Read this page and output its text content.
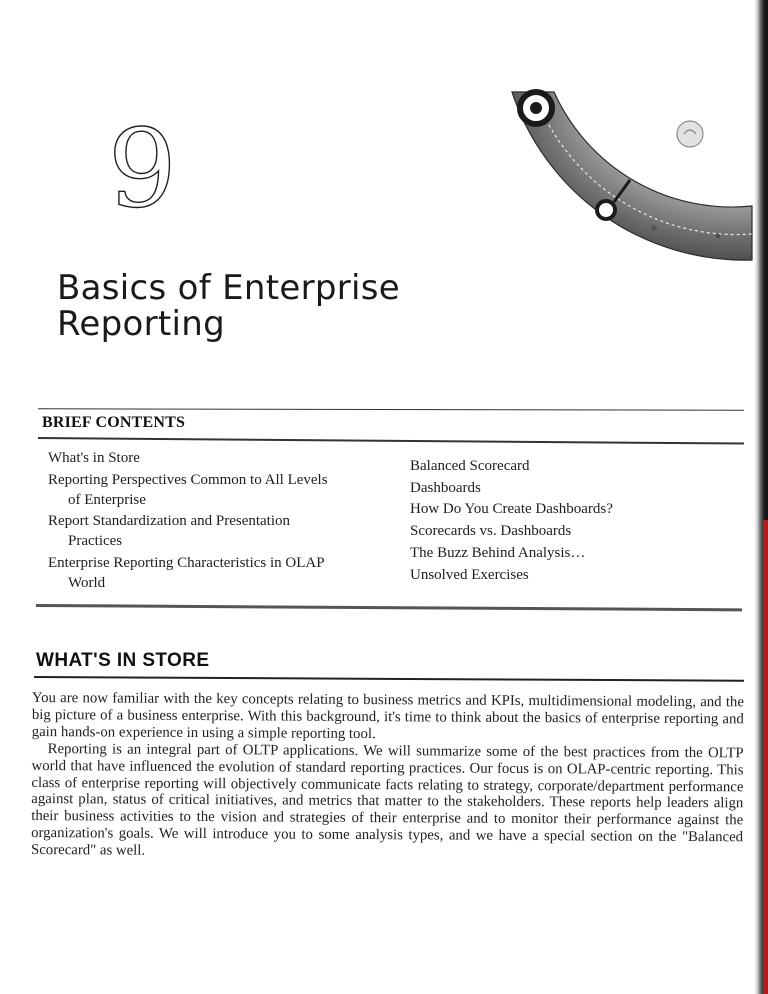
9
Basics of Enterprise
Reporting
BRIEF CONTENTS
What's in Store
Reporting Perspectives Common to All Levels
of Enterprise
Report Standardization and Presentation
Practices
Enterprise Reporting Characteristics in OLAP
World
Balanced Scorecard
Dashboards
How Do You Create Dashboards?
Scorecards vs. Dashboards
The Buzz Behind Analysis…
Unsolved Exercises
WHAT'S IN STORE

You are now familiar with the key concepts relating to business metrics and KPIs, multidimensional modeling, and the big picture of a business enterprise. With this background, it's time to think about the basics of enterprise reporting and gain hands-on experience in using a simple reporting tool.

Reporting is an integral part of OLTP applications. We will summarize some of the best practices from the OLTP world that have influenced the evolution of standard reporting practices. Our focus is on OLAP-centric reporting. This class of enterprise reporting will objectively communicate facts relating to strategy, corporate/department performance against plan, status of critical initiatives, and metrics that matter to the stakeholders. These reports help leaders align their business activities to the vision and strategies of their enterprise and to monitor their performance against the organization's goals. We will introduce you to some analysis types, and we have a special section on the "Balanced Scorecard" as well.
